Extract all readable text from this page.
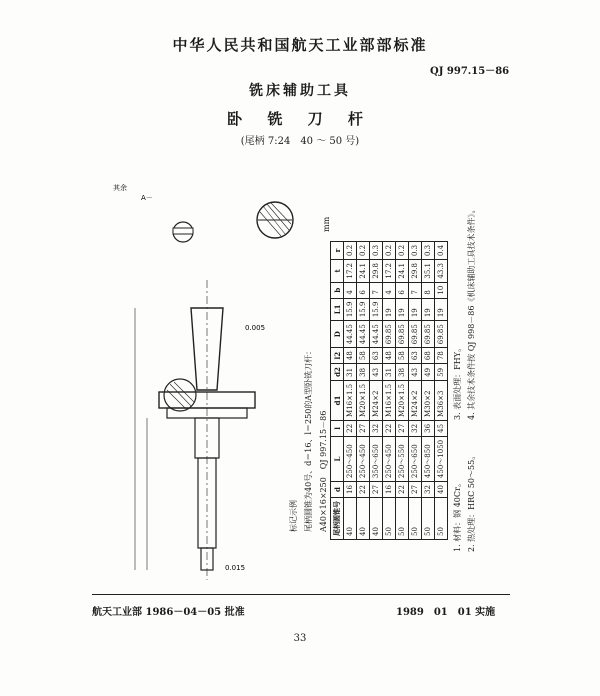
中华人民共和国航天工业部部标准
QJ 997.15－86
铣床辅助工具
卧 铣 刀 杆
(尾柄 7:24　40 ～ 50 号)
0.005
0.015
A－
其余
标记示例 尾柄圆锥为40号、d＝16、l＝250的A型卧铣刀杆： A40×16×250　QJ 997.15－86 尾柄圆锥号	d	L	l	d1	d2	l2	D	L1	b	t	r
40	16	250～450	22	M16×1.5	31	48	44.45	15.9	4	17.2	0.2
40	22	250～450	27	M20×1.5	38	58	44.45	15.9	6	24.1	0.2
40	27	350～650	32	M24×2	43	63	44.45	15.9	7	29.8	0.3
50	16	250～450	22	M16×1.5	31	48	69.85	19	4	17.2	0.2
50	22	250～550	27	M20×1.5	38	58	69.85	19	6	24.1	0.2
50	27	250～650	32	M24×2	43	63	69.85	19	7	29.8	0.3
50	32	450～850	36	M30×2	49	68	69.85	19	8	35.1	0.3
50	40	450～1050	45	M36×3	59	78	69.85	19	10	43.3	0.4
mm
1. 材料：钢 40Cr。 2. 热处理：HRC 50～55。
3. 表面处理：FHY。 4. 其余技术条件按 QJ 998－86《机床辅助工具技术条件》。
航天工业部 1986－04－05 批准	1989　01　01 实施
33
